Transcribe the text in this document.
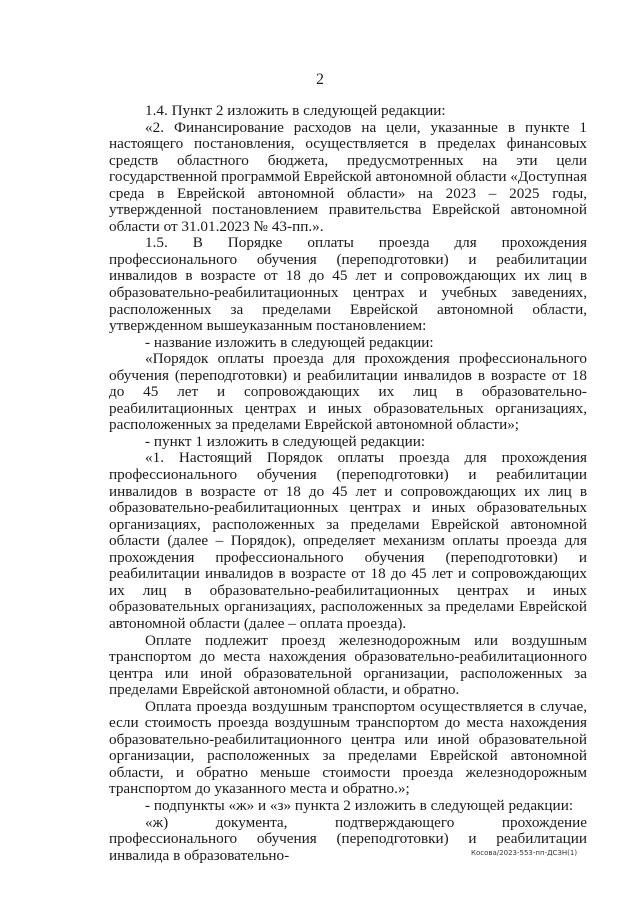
2

1.4. Пункт 2 изложить в следующей редакции:

«2. Финансирование расходов на цели, указанные в пункте 1 настоящего постановления, осуществляется в пределах финансовых средств областного бюджета, предусмотренных на эти цели государственной программой Еврейской автономной области «Доступная среда в Еврейской автономной области» на 2023 – 2025 годы, утвержденной постановлением правительства Еврейской автономной области от 31.01.2023 № 43-пп.».

1.5. В Порядке оплаты проезда для прохождения профессионального обучения (переподготовки) и реабилитации инвалидов в возрасте от 18 до 45 лет и сопровождающих их лиц в образовательно-реабилитационных центрах и учебных заведениях, расположенных за пределами Еврейской автономной области, утвержденном вышеуказанным постановлением:

- название изложить в следующей редакции:

«Порядок оплаты проезда для прохождения профессионального обучения (переподготовки) и реабилитации инвалидов в возрасте от 18 до 45 лет и сопровождающих их лиц в образовательно-реабилитационных центрах и иных образовательных организациях, расположенных за пределами Еврейской автономной области»;

- пункт 1 изложить в следующей редакции:

«1. Настоящий Порядок оплаты проезда для прохождения профессионального обучения (переподготовки) и реабилитации инвалидов в возрасте от 18 до 45 лет и сопровождающих их лиц в образовательно-реабилитационных центрах и иных образовательных организациях, расположенных за пределами Еврейской автономной области (далее – Порядок), определяет механизм оплаты проезда для прохождения профессионального обучения (переподготовки) и реабилитации инвалидов в возрасте от 18 до 45 лет и сопровождающих их лиц в образовательно-реабилитационных центрах и иных образовательных организациях, расположенных за пределами Еврейской автономной области (далее – оплата проезда).

Оплате подлежит проезд железнодорожным или воздушным транспортом до места нахождения образовательно-реабилитационного центра или иной образовательной организации, расположенных за пределами Еврейской автономной области, и обратно.

Оплата проезда воздушным транспортом осуществляется в случае, если стоимость проезда воздушным транспортом до места нахождения образовательно-реабилитационного центра или иной образовательной организации, расположенных за пределами Еврейской автономной области, и обратно меньше стоимости проезда железнодорожным транспортом до указанного места и обратно.»;

- подпункты «ж» и «з» пункта 2 изложить в следующей редакции:

«ж) документа, подтверждающего прохождение профессионального обучения (переподготовки) и реабилитации инвалида в образовательно-	Косова/2023-553-пп-ДСЗН(1)
